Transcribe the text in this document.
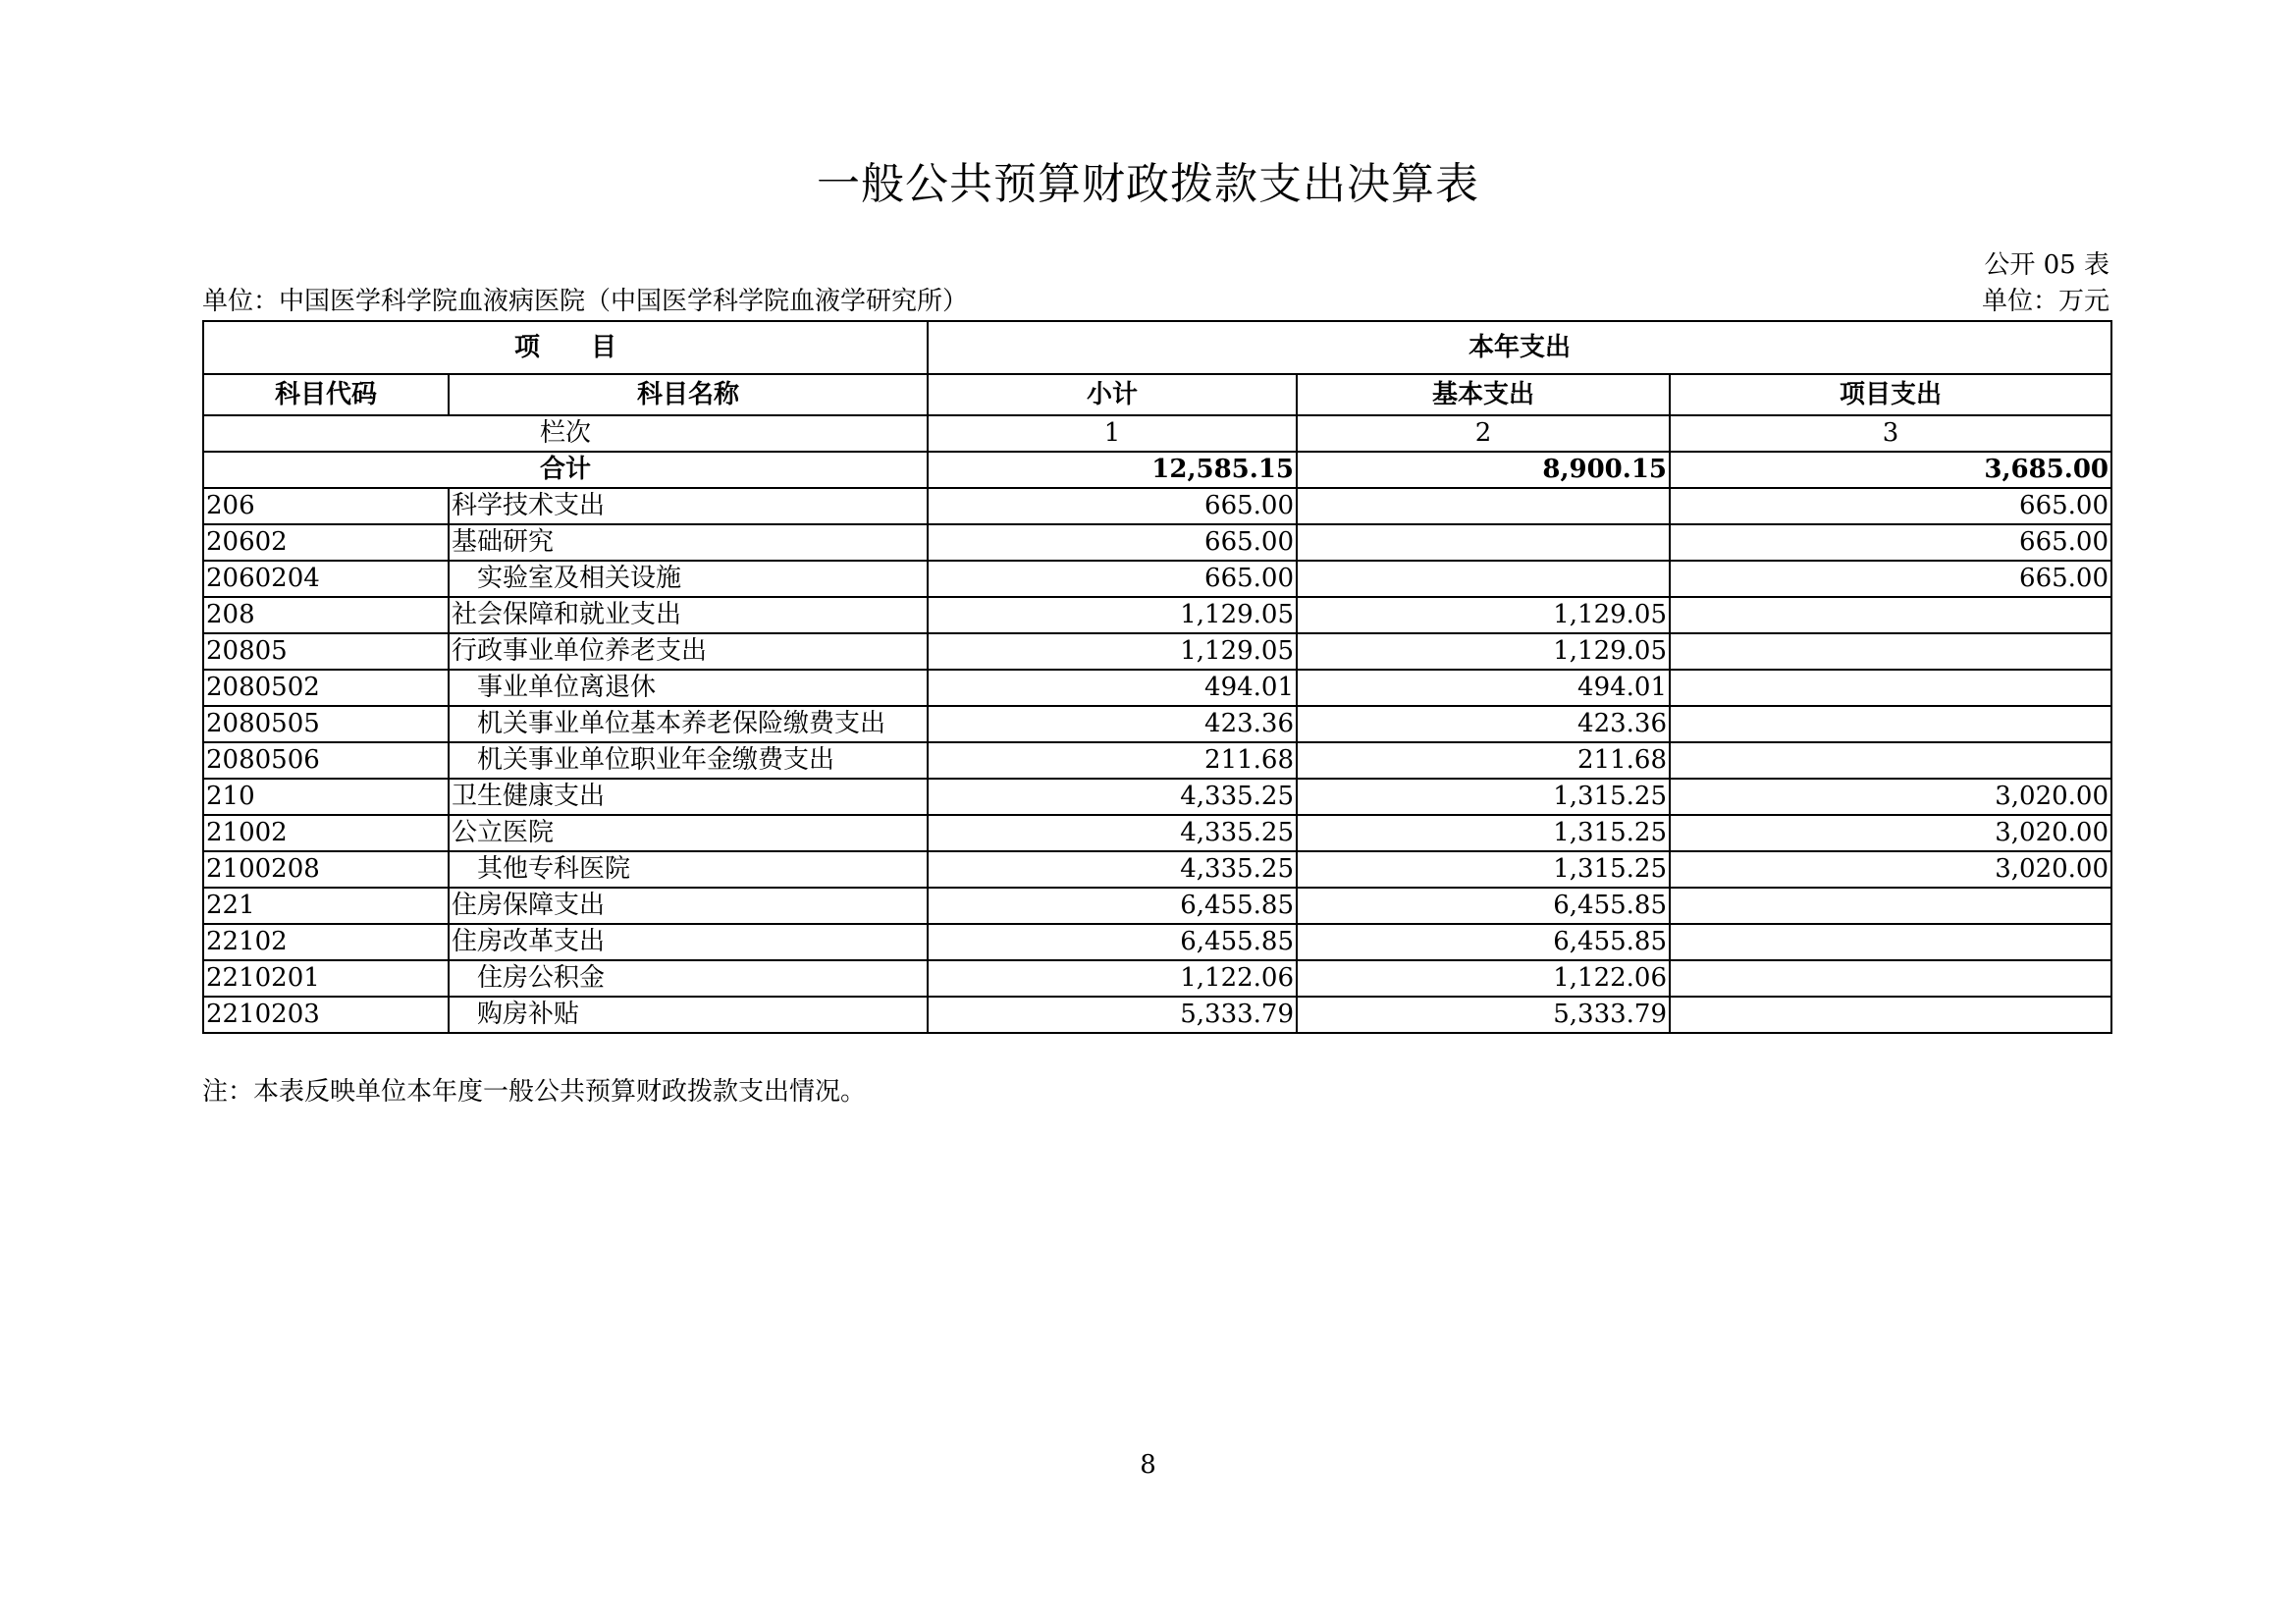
一般公共预算财政拨款支出决算表
公开 05 表
单位：中国医学科学院血液病医院（中国医学科学院血液学研究所）	单位：万元
项　　目		本年支出		
科目代码	科目名称	小计	基本支出	项目支出
栏次		1	2	3
合计		12,585.15	8,900.15	3,685.00
206	科学技术支出	665.00		665.00
20602	基础研究	665.00		665.00
2060204	实验室及相关设施	665.00		665.00
208	社会保障和就业支出	1,129.05	1,129.05	
20805	行政事业单位养老支出	1,129.05	1,129.05	
2080502	事业单位离退休	494.01	494.01	
2080505	机关事业单位基本养老保险缴费支出	423.36	423.36	
2080506	机关事业单位职业年金缴费支出	211.68	211.68	
210	卫生健康支出	4,335.25	1,315.25	3,020.00
21002	公立医院	4,335.25	1,315.25	3,020.00
2100208	其他专科医院	4,335.25	1,315.25	3,020.00
221	住房保障支出	6,455.85	6,455.85	
22102	住房改革支出	6,455.85	6,455.85	
2210201	住房公积金	1,122.06	1,122.06	
2210203	购房补贴	5,333.79	5,333.79	
注：本表反映单位本年度一般公共预算财政拨款支出情况。
8
